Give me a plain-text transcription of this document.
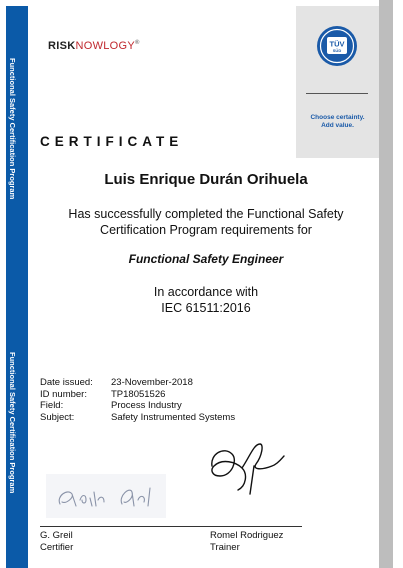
Functional Safety Certification Program
Functional Safety Certification Program
TÜV
SÜD
Choose certainty.
Add value.
RISKNOWLOGY®
CERTIFICATE
Luis Enrique Durán Orihuela
Has successfully completed the Functional Safety
Certification Program requirements for
Functional Safety Engineer
In accordance with
IEC 61511:2016
Date issued:	23-November-2018
ID number:	TP18051526
Field:	Process Industry
Subject:	Safety Instrumented Systems
G. Greil
Certifier
Romel Rodriguez
Trainer
